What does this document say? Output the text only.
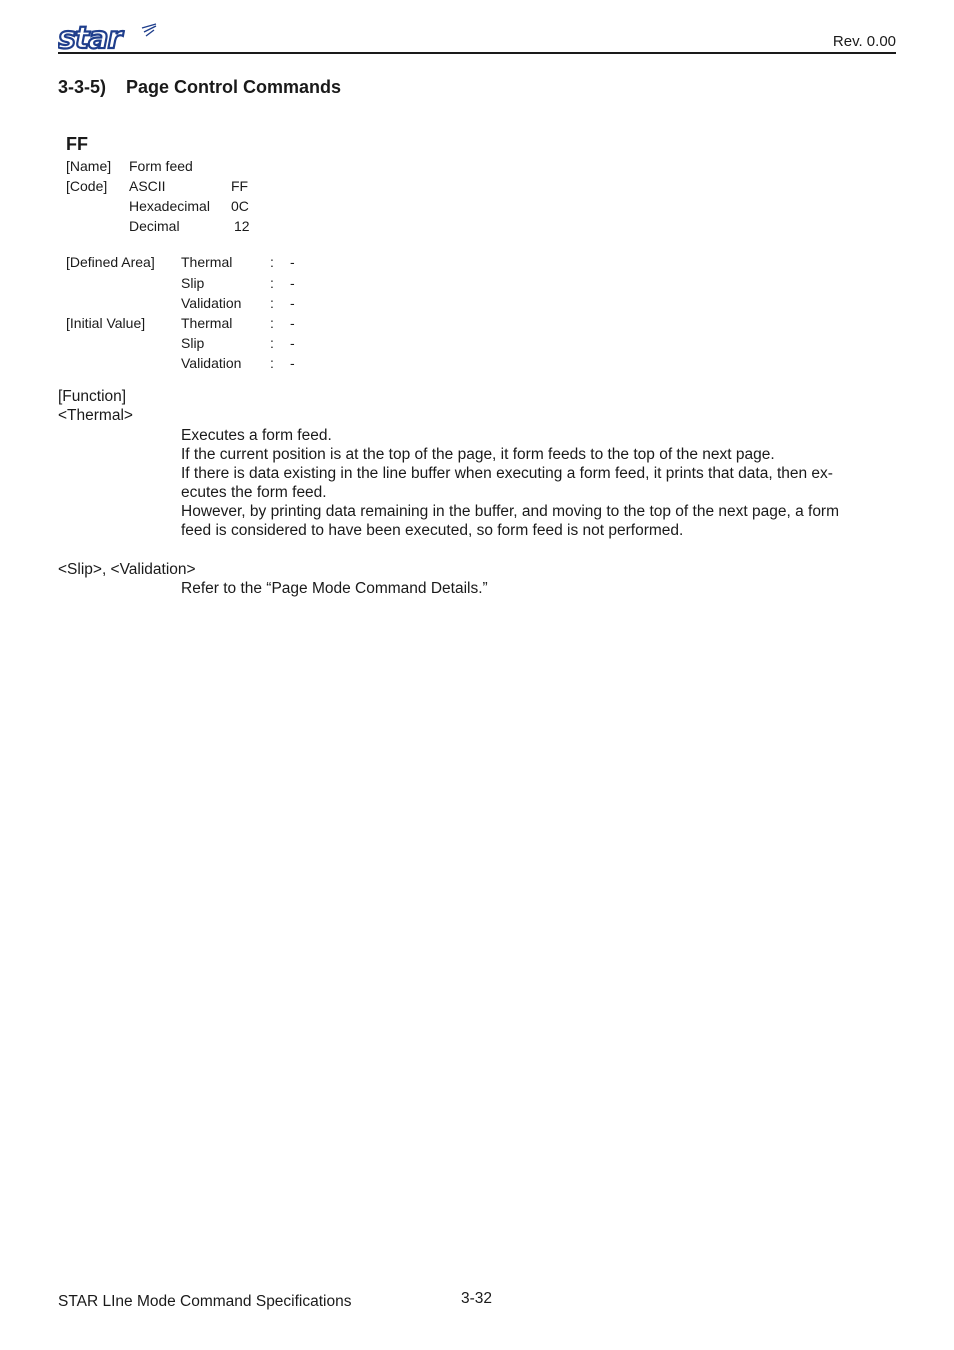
star	Rev. 0.00
3-3-5) Page Control Commands
FF
[Name] Form feed
[Code] ASCII	FF
Hexadecimal 0C
Decimal	12
[Defined Area] Thermal	: -
Slip	: -
Validation : -
[Initial Value]	Thermal	: -
Slip	: -
Validation : -
[Function]
<Thermal>
Executes a form feed.
If the current position is at the top of the page, it form feeds to the top of the next page.
If there is data existing in the line buffer when executing a form feed, it prints that data, then ex-
ecutes the form feed.
However, by printing data remaining in the buffer, and moving to the top of the next page, a form
feed is considered to have been executed, so form feed is not performed.
<Slip>, <Validation>
Refer to the “Page Mode Command Details.”
STAR LIne Mode Command Specifications	3-32
